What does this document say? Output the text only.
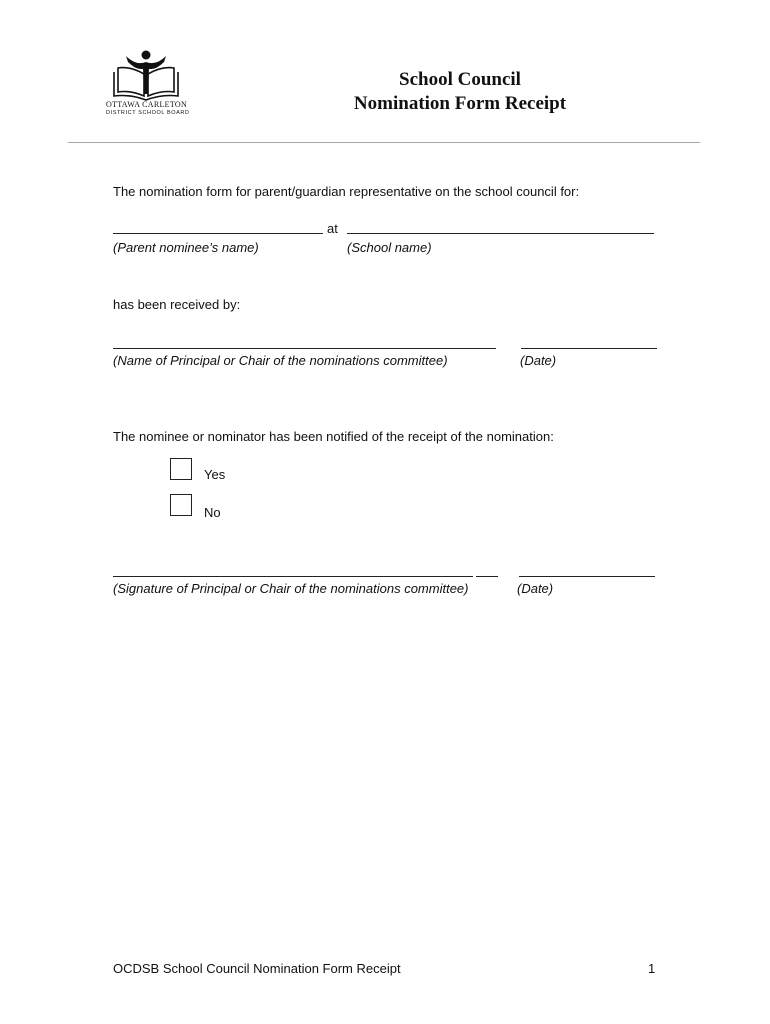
OTTAWA CARLETON
DISTRICT SCHOOL BOARD
School Council
Nomination Form Receipt
The nomination form for parent/guardian representative on the school council for:
at
(Parent nominee’s name)	(School name)
has been received by:
(Name of Principal or Chair of the nominations committee)	(Date)
The nominee or nominator has been notified of the receipt of the nomination:
Yes
No
(Signature of Principal or Chair of the nominations committee)	(Date)
OCDSB School Council Nomination Form Receipt	1
